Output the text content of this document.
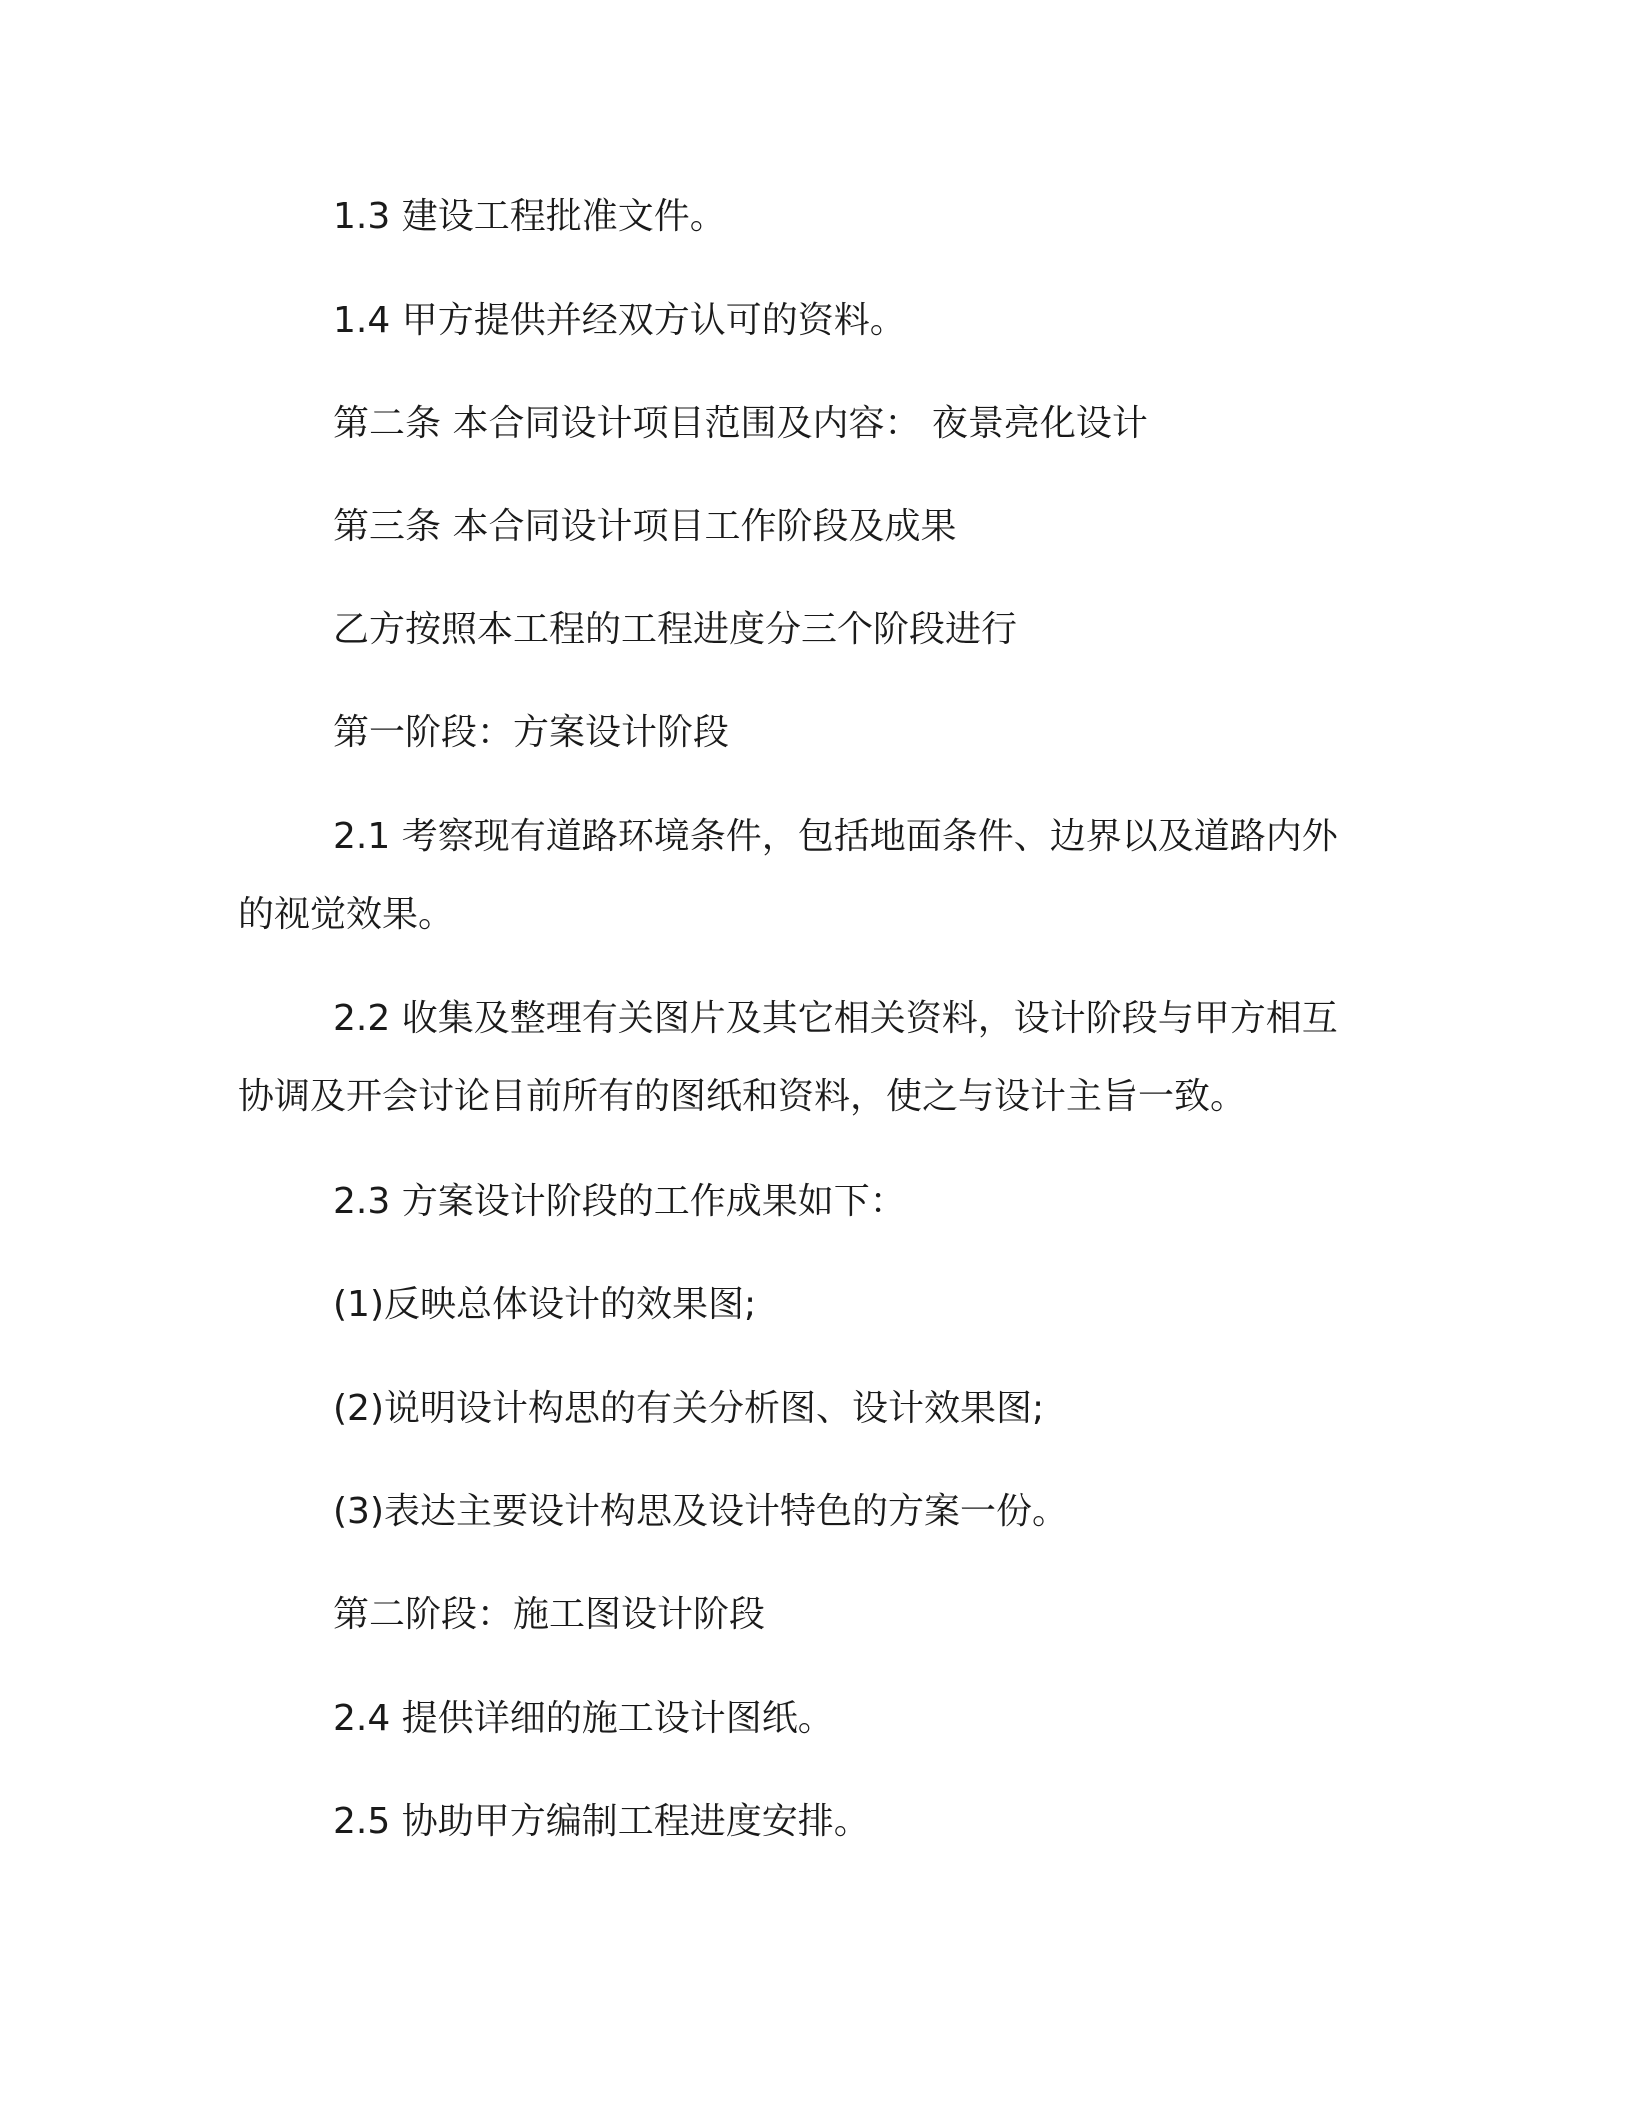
1.3 建设工程批准文件。

1.4 甲方提供并经双方认可的资料。

第二条 本合同设计项目范围及内容： 夜景亮化设计

第三条 本合同设计项目工作阶段及成果

乙方按照本工程的工程进度分三个阶段进行

第一阶段：方案设计阶段

2.1 考察现有道路环境条件，包括地面条件、边界以及道路内外的视觉效果。

2.2 收集及整理有关图片及其它相关资料，设计阶段与甲方相互协调及开会讨论目前所有的图纸和资料，使之与设计主旨一致。

2.3 方案设计阶段的工作成果如下：

(1)反映总体设计的效果图;

(2)说明设计构思的有关分析图、设计效果图;

(3)表达主要设计构思及设计特色的方案一份。

第二阶段：施工图设计阶段

2.4 提供详细的施工设计图纸。

2.5 协助甲方编制工程进度安排。
